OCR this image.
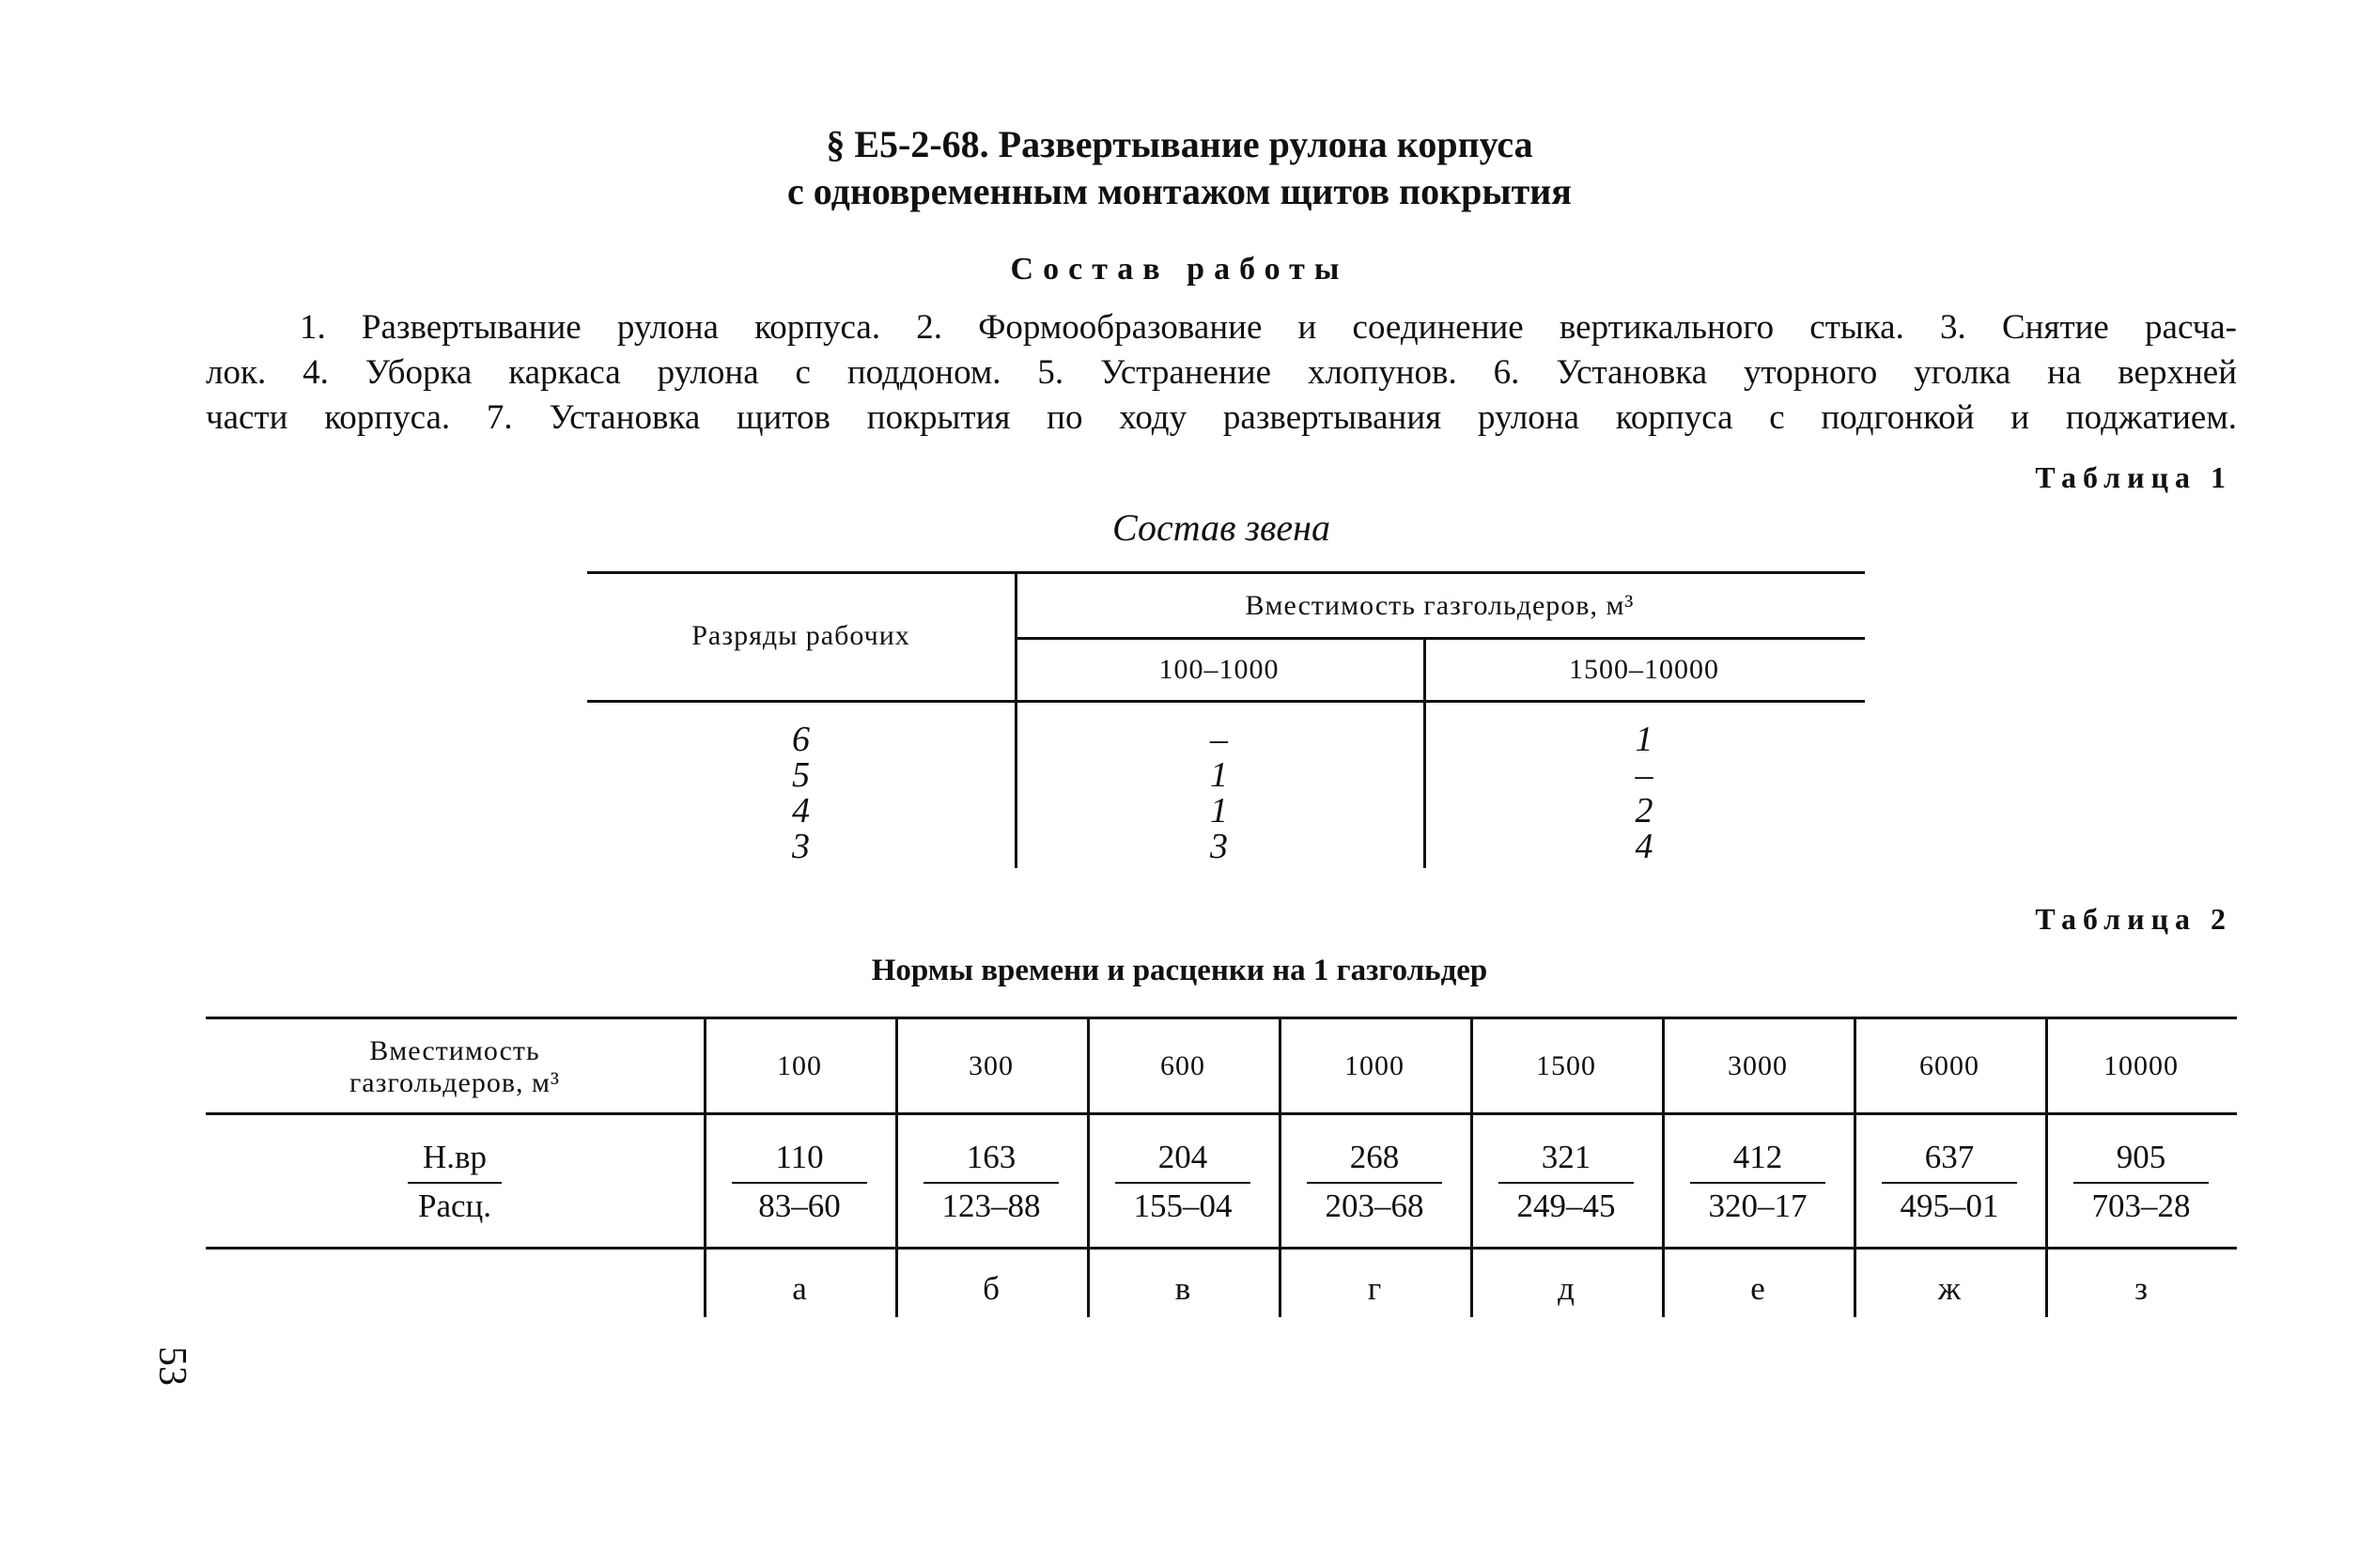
§ Е5-2-68. Развертывание рулона корпуса
с одновременным монтажом щитов покрытия
Состав работы

1. Развертывание рулона корпуса. 2. Формообразование и соединение вертикального стыка. 3. Снятие расча-

лок. 4. Уборка каркаса рулона с поддоном. 5. Устранение хлопунов. 6. Установка уторного уголка на верхней

части корпуса. 7. Установка щитов покрытия по ходу развертывания рулона корпуса с подгонкой и поджатием.

Таблица 1
Состав звена
Разряды рабочих
Вместимость газгольдеров, м³
100–1000	1500–10000
6
5
4
3
–
1
1
3
1
–
2
4
Таблица 2
Нормы времени и расценки на 1 газгольдер
Вместимость
газгольдеров, м³
Н.вр
Расц.
100
110
83–60
а
300
163
123–88
б
600
204
155–04
в
1000
268
203–68
г
1500
321
249–45
д
3000
412
320–17
е
6000
637
495–01
ж
10000
905
703–28
з
53
